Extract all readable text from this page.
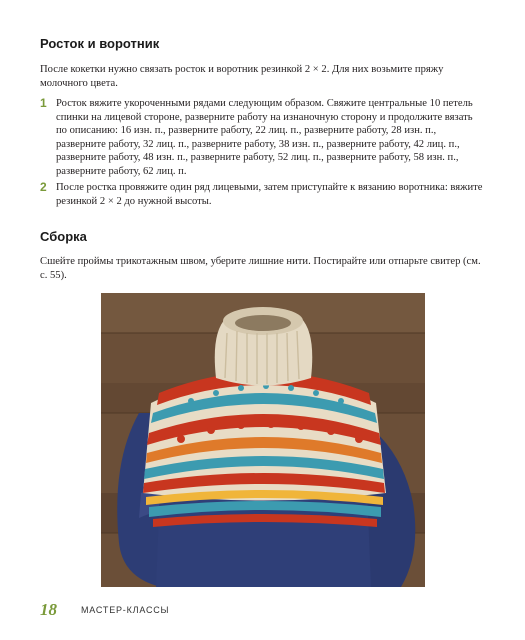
Росток и воротник

После кокетки нужно связать росток и воротник резинкой 2 × 2. Для них возьмите пряжу молочного цвета.

1 Росток вяжите укороченными рядами следующим образом. Свяжите центральные 10 петель спинки на лицевой стороне, разверните работу на изнаночную сторону и продолжите вязать по описанию: 16 изн. п., разверните работу, 22 лиц. п., разверните работу, 28 изн. п., разверните работу, 32 лиц. п., разверните работу, 38 изн. п., разверните работу, 42 лиц. п., разверните работу, 48 изн. п., разверните работу, 52 лиц. п., разверните работу, 58 изн. п., разверните работу, 62 лиц. п.
2 После ростка провяжите один ряд лицевыми, затем приступайте к вязанию воротника: вяжите резинкой 2 × 2 до нужной высоты.
Сборка

Сшейте проймы трикотажным швом, уберите лишние нити. Постирайте или отпарьте свитер (см. с. 55).

18	МАСТЕР-КЛАССЫ
